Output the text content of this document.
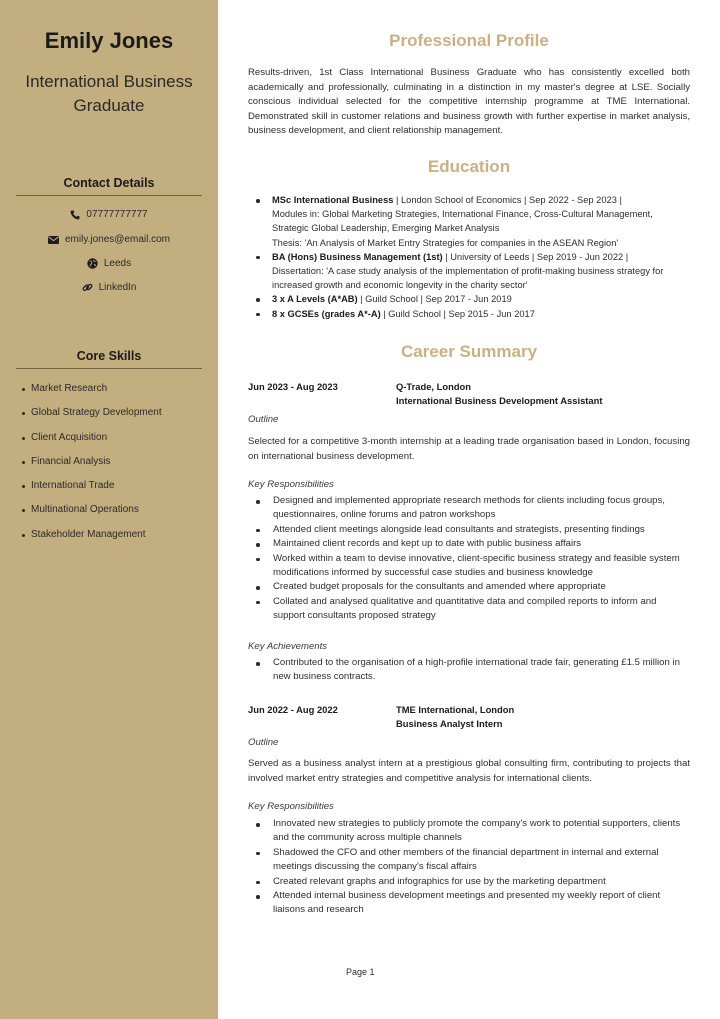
Emily Jones
International Business
Graduate
Contact Details
07777777777
emily.jones@email.com
Leeds
LinkedIn
Core Skills
Market Research
Global Strategy Development
Client Acquisition
Financial Analysis
International Trade
Multinational Operations
Stakeholder Management
Professional Profile

Results-driven, 1st Class International Business Graduate who has consistently excelled both academically and professionally, culminating in a distinction in my master's degree at LSE. Socially conscious individual selected for the competitive internship programme at TME International. Demonstrated skill in customer relations and business growth with further expertise in market analysis, business development, and client relationship management.

Education
MSc International Business | London School of Economics | Sep 2022 - Sep 2023 |
Modules in: Global Marketing Strategies, International Finance, Cross-Cultural Management, Strategic Global Leadership, Emerging Market Analysis
Thesis: 'An Analysis of Market Entry Strategies for companies in the ASEAN Region'
BA (Hons) Business Management (1st) | University of Leeds | Sep 2019 - Jun 2022 |
Dissertation: 'A case study analysis of the implementation of profit-making business strategy for increased growth and economic longevity in the charity sector'
3 x A Levels (A*AB) | Guild School | Sep 2017 - Jun 2019
8 x GCSEs (grades A*-A) | Guild School | Sep 2015 - Jun 2017
Career Summary
Jun 2023 - Aug 2023	Q-Trade, London
International Business Development Assistant
Outline

Selected for a competitive 3-month internship at a leading trade organisation based in London, focusing on international business development.

Key Responsibilities
Designed and implemented appropriate research methods for clients including focus groups, questionnaires, online forums and patron workshops
Attended client meetings alongside lead consultants and strategists, presenting findings
Maintained client records and kept up to date with public business affairs
Worked within a team to devise innovative, client-specific business strategy and feasible system modifications informed by successful case studies and business knowledge
Created budget proposals for the consultants and amended where appropriate
Collated and analysed qualitative and quantitative data and compiled reports to inform and support consultants proposed strategy
Key Achievements
Contributed to the organisation of a high-profile international trade fair, generating £1.5 million in new business contracts.
Jun 2022 - Aug 2022	TME International, London
Business Analyst Intern
Outline

Served as a business analyst intern at a prestigious global consulting firm, contributing to projects that involved market entry strategies and competitive analysis for international clients.

Key Responsibilities
Innovated new strategies to publicly promote the company's work to potential supporters, clients and the community across multiple channels
Shadowed the CFO and other members of the financial department in internal and external meetings discussing the company's fiscal affairs
Created relevant graphs and infographics for use by the marketing department
Attended internal business development meetings and presented my weekly report of client liaisons and research
Page 1
